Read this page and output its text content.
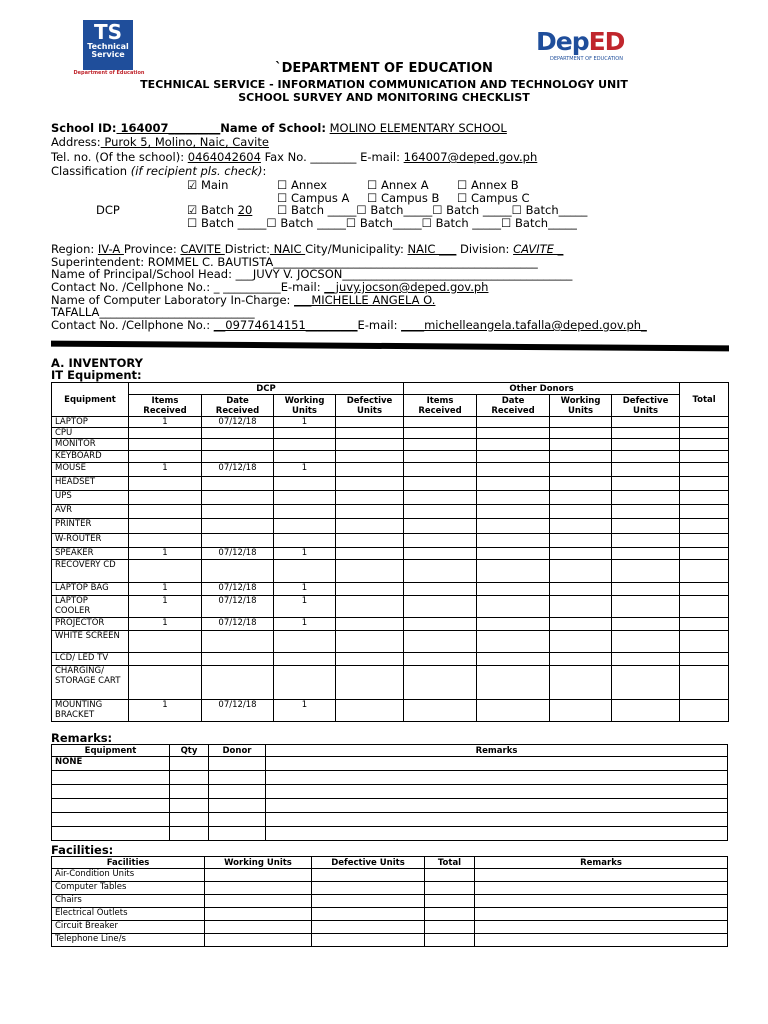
TS
Technical
Service
Department of Education
DepED
DEPARTMENT OF EDUCATION
`DEPARTMENT OF EDUCATION
TECHNICAL SERVICE - INFORMATION COMMUNICATION AND TECHNOLOGY UNIT
SCHOOL SURVEY AND MONITORING CHECKLIST
School ID: 164007_________Name of School: MOLINO ELEMENTARY SCHOOL
Address: Purok 5, Molino, Naic, Cavite
Tel. no. (Of the school): 0464042604 Fax No. ________ E-mail: 164007@deped.gov.ph
Classification (if recipient pls. check):
☑ Main	☐ Annex	☐ Annex A ☐ Annex B
☐ Campus A ☐ Campus B ☐ Campus C
DCP	☑ Batch 20 ☐ Batch _____☐ Batch_____☐ Batch _____☐ Batch_____
☐ Batch _____☐ Batch _____☐ Batch_____☐ Batch _____☐ Batch_____
Region: IV-A Province: CAVITE District: NAIC City/Municipality: NAIC ___ Division: CAVITE _
Superintendent: ROMMEL C. BAUTISTA______________________________________________
Name of Principal/School Head: ___JUVY V. JOCSON________________________________________
Contact No. /Cellphone No.: _ __________E-mail: __juvy.jocson@deped.gov.ph
Name of Computer Laboratory In-Charge: ___MICHELLE ANGELA O.
TAFALLA___________________________
Contact No. /Cellphone No.: __09774614151_________E-mail: ____michelleangela.tafalla@deped.gov.ph_
A. INVENTORY
IT Equipment:
Equipment	DCP				Other Donors				Total
	Items Received	Date Received	Working Units	Defective Units	Items Received	Date Received	Working Units	Defective Units	
LAPTOP	1	07/12/18	1						
CPU									
MONITOR									
KEYBOARD									
MOUSE	1	07/12/18	1						
HEADSET									
UPS									
AVR									
PRINTER									
W-ROUTER									
SPEAKER	1	07/12/18	1						
RECOVERY CD									
LAPTOP BAG	1	07/12/18	1						
LAPTOP COOLER	1	07/12/18	1						
PROJECTOR	1	07/12/18	1						
WHITE SCREEN									
LCD/ LED TV									
CHARGING/ STORAGE CART									
MOUNTING BRACKET	1	07/12/18	1						
Remarks:
Equipment	Qty	Donor	Remarks
NONE			

Facilities:
Facilities	Working Units	Defective Units	Total	Remarks
Air-Condition Units				
Computer Tables				
Chairs				
Electrical Outlets				
Circuit Breaker				
Telephone Line/s				
